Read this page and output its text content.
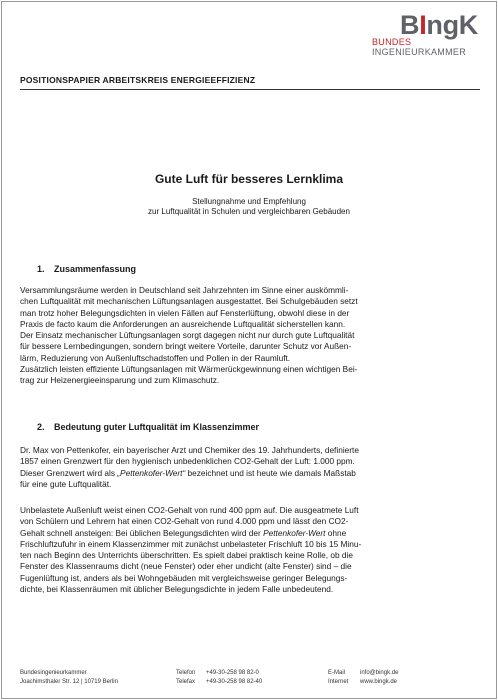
BIngK
BUNDES
INGENIEURKAMMER
POSITIONSPAPIER ARBEITSKREIS ENERGIEEFFIZIENZ
Gute Luft für besseres Lernklima
Stellungnahme und Empfehlung
zur Luftqualität in Schulen und vergleichbaren Gebäuden
1. Zusammenfassung
Versammlungsräume werden in Deutschland seit Jahrzehnten im Sinne einer auskömmli-
chen Luftqualität mit mechanischen Lüftungsanlagen ausgestattet. Bei Schulgebäuden setzt
man trotz hoher Belegungsdichten in vielen Fällen auf Fensterlüftung, obwohl diese in der
Praxis de facto kaum die Anforderungen an ausreichende Luftqualität sicherstellen kann.
Der Einsatz mechanischer Lüftungsanlagen sorgt dagegen nicht nur durch gute Luftqualität
für bessere Lernbedingungen, sondern bringt weitere Vorteile, darunter Schutz vor Außen-
lärm, Reduzierung von Außenluftschadstoffen und Pollen in der Raumluft.
Zusätzlich leisten effiziente Lüftungsanlagen mit Wärmerückgewinnung einen wichtigen Bei-
trag zur Heizenergieeinsparung und zum Klimaschutz.
2. Bedeutung guter Luftqualität im Klassenzimmer
Dr. Max von Pettenkofer, ein bayerischer Arzt und Chemiker des 19. Jahrhunderts, definierte
1857 einen Grenzwert für den hygienisch unbedenklichen CO2-Gehalt der Luft: 1.000 ppm.
Dieser Grenzwert wird als „Pettenkofer-Wert“ bezeichnet und ist heute wie damals Maßstab
für eine gute Luftqualität.
Unbelastete Außenluft weist einen CO2-Gehalt von rund 400 ppm auf. Die ausgeatmete Luft
von Schülern und Lehrern hat einen CO2-Gehalt von rund 4.000 ppm und lässt den CO2-
Gehalt schnell ansteigen: Bei üblichen Belegungsdichten wird der Pettenkofer-Wert ohne
Frischluftzufuhr in einem Klassenzimmer mit zunächst unbelasteter Frischluft 10 bis 15 Minu-
ten nach Beginn des Unterrichts überschritten. Es spielt dabei praktisch keine Rolle, ob die
Fenster des Klassenraums dicht (neue Fenster) oder eher undicht (alte Fenster) sind – die
Fugenlüftung ist, anders als bei Wohngebäuden mit vergleichsweise geringer Belegungs-
dichte, bei Klassenräumen mit üblicher Belegungsdichte in jedem Falle unbedeutend.
Bundesingenieurkammer
Joachimsthaler Str. 12 | 10719 Berlin
Telefon
Telefax
+49-30-258 98 82-0
+49-30-258 98 82-40
E-Mail
Internet
info@bingk.de
www.bingk.de
